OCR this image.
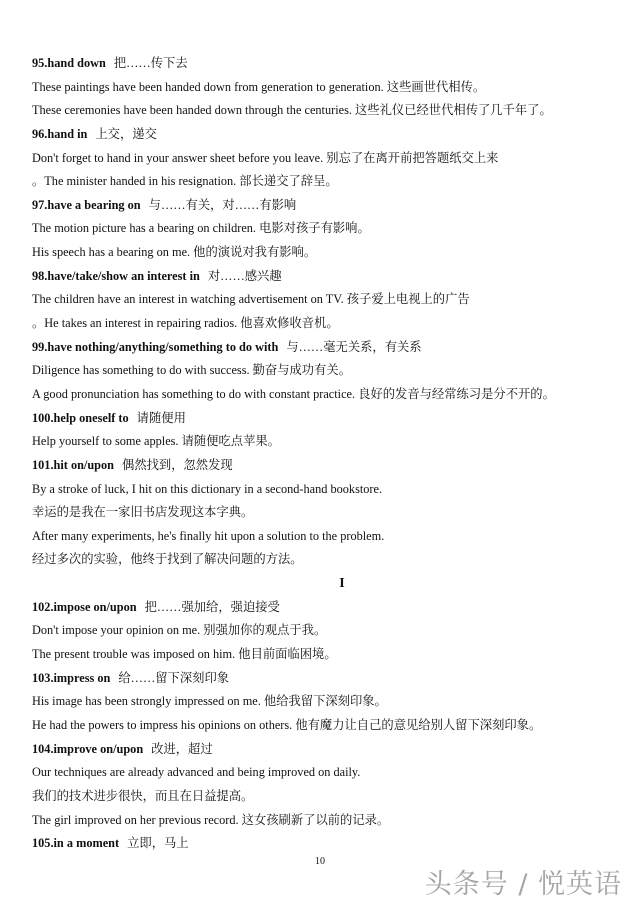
95.hand down 把……传下去
These paintings have been handed down from generation to generation. 这些画世代相传。
These ceremonies have been handed down through the centuries. 这些礼仪已经世代相传了几千年了。
96.hand in 上交，递交
Don't forget to hand in your answer sheet before you leave. 别忘了在离开前把答题纸交上来
。The minister handed in his resignation. 部长递交了辞呈。
97.have a bearing on 与……有关，对……有影响
The motion picture has a bearing on children. 电影对孩子有影响。
His speech has a bearing on me. 他的演说对我有影响。
98.have/take/show an interest in 对……感兴趣
The children have an interest in watching advertisement on TV. 孩子爱上电视上的广告
。He takes an interest in repairing radios. 他喜欢修收音机。
99.have nothing/anything/something to do with 与……毫无关系，有关系
Diligence has something to do with success. 勤奋与成功有关。
A good pronunciation has something to do with constant practice. 良好的发音与经常练习是分不开的。
100.help oneself to 请随便用
Help yourself to some apples. 请随便吃点苹果。
101.hit on/upon 偶然找到，忽然发现
By a stroke of luck, I hit on this dictionary in a second-hand bookstore.
幸运的是我在一家旧书店发现这本字典。
After many experiments, he's finally hit upon a solution to the problem.
经过多次的实验，他终于找到了解决问题的方法。
I
102.impose on/upon 把……强加给，强迫接受
Don't impose your opinion on me. 别强加你的观点于我。
The present trouble was imposed on him. 他目前面临困境。
103.impress on 给……留下深刻印象
His image has been strongly impressed on me. 他给我留下深刻印象。
He had the powers to impress his opinions on others. 他有魔力让自己的意见给别人留下深刻印象。
104.improve on/upon 改进，超过
Our techniques are already advanced and being improved on daily.
我们的技术进步很快，而且在日益提高。
The girl improved on her previous record. 这女孩刷新了以前的记录。
105.in a moment 立即，马上
10
头条号 / 悦英语
